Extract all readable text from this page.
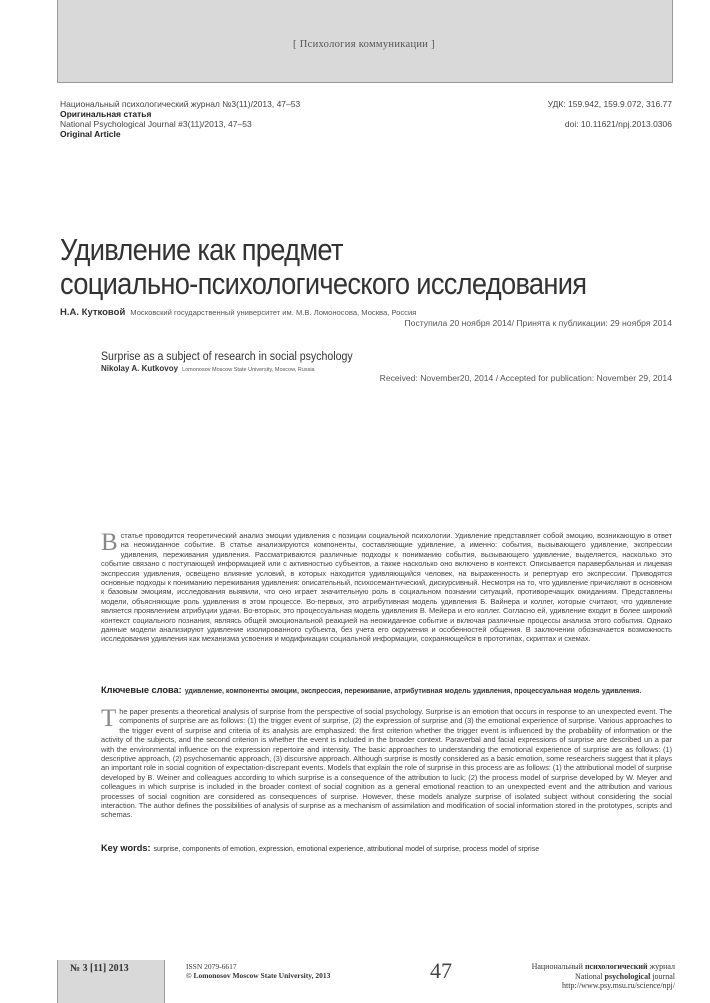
[ Психология коммуникации ]
Национальный психологический журнал №3(11)/2013, 47–53
Оригинальная статья
National Psychological Journal #3(11)/2013, 47–53
Original Article
УДК: 159.942, 159.9.072, 316.77
doi: 10.11621/npj.2013.0306
Удивление как предмет
социально-психологического исследования
Н.А. Кутковой Московский государственный университет им. М.В. Ломоносова, Москва, Россия
Поступила 20 ноября 2014/ Принята к публикации: 29 ноября 2014
Surprise as a subject of research in social psychology
Nikolay A. Kutkovoy Lomonosov Moscow State University, Moscow, Russia
Received: November20, 2014 / Accepted for publication: November 29, 2014
В статье проводится теоретический анализ эмоции удивления с позиции социальной психологии. Удивление представляет собой эмоцию, возникающую в ответ на неожиданное событие. В статье анализируются компоненты, составляющие удивление, а именно: события, вызывающего удивление, экспрессии удивления, переживания удивления. Рассматриваются различные подходы к пониманию события, вызывающего удивление, выделяется, насколько это событие связано с поступающей информацией или с активностью субъектов, а также насколько оно включено в контекст. Описывается паравербальная и лицевая экспрессия удивления, освещено влияние условий, в которых находится удивляющийся человек, на выраженность и репертуар его экспрессии. Приводятся основные подходы к пониманию переживания удивления: описательный, психосемантический, дискурсивный. Несмотря на то, что удивление причисляют в основном к базовым эмоциям, исследования выявили, что оно играет значительную роль в социальном познании ситуаций, противоречащих ожиданиям. Представлены модели, объясняющие роль удивления в этом процессе. Во-первых, это атрибутивная модель удивления Б. Вайнера и коллег, которые считают, что удивление является проявлением атрибуции удачи. Во-вторых, это процессуальная модель удивления В. Мейера и его коллег. Согласно ей, удивление входит в более широкий контекст социального познания, являясь общей эмоциональной реакцией на неожиданное событие и включая различные процессы анализа этого события. Однако данные модели анализируют удивление изолированного субъекта, без учета его окружения и особенностей общения. В заключении обозначается возможность исследования удивления как механизма усвоения и модификации социальной информации, сохраняющейся в прототипах, скриптах и схемах.
Ключевые слова: удивление, компоненты эмоции, экспрессия, переживание, атрибутивная модель удивления, процессуальная модель удивления.
The paper presents a theoretical analysis of surprise from the perspective of social psychology. Surprise is an emotion that occurs in response to an unexpected event. The components of surprise are as follows: (1) the trigger event of surprise, (2) the expression of surprise and (3) the emotional experience of surprise. Various approaches to the trigger event of surprise and criteria of its analysis are emphasized: the first criterion whether the trigger event is influenced by the probability of information or the activity of the subjects, and the second criterion is whether the event is included in the broader context. Paraverbal and facial expressions of surprise are described un a par with the environmental influence on the expression repertoire and intensity. The basic approaches to understanding the emotional experience of surprise are as follows: (1) descriptive approach, (2) psychosemantic approach, (3) discursive approach. Although surprise is mostly considered as a basic emotion, some researchers suggest that it plays an important role in social cognition of expectation-discrepant events. Models that explain the role of surprise in this process are as follows: (1) the attributional model of surprise developed by B. Weiner and colleagues according to which surprise is a consequence of the attribution to luck; (2) the process model of surprise developed by W. Meyer and colleagues in which surprise is included in the broader context of social cognition as a general emotional reaction to an unexpected event and the attribution and various processes of social cognition are considered as consequences of surprise. However, these models analyze surprise of isolated subject without considering the social interaction. The author defines the possibilities of analysis of surprise as a mechanism of assimilation and modification of social information stored in the prototypes, scripts and schemas.
Key words: surprise, components of emotion, expression, emotional experience, attributional model of surprise, process model of srprise
№ 3 [11] 2013	ISSN 2079-6617
© Lomonosov Moscow State University, 2013	47	Национальный психологический журнал
National psychological journal
http://www.psy.msu.ru/science/npj/
